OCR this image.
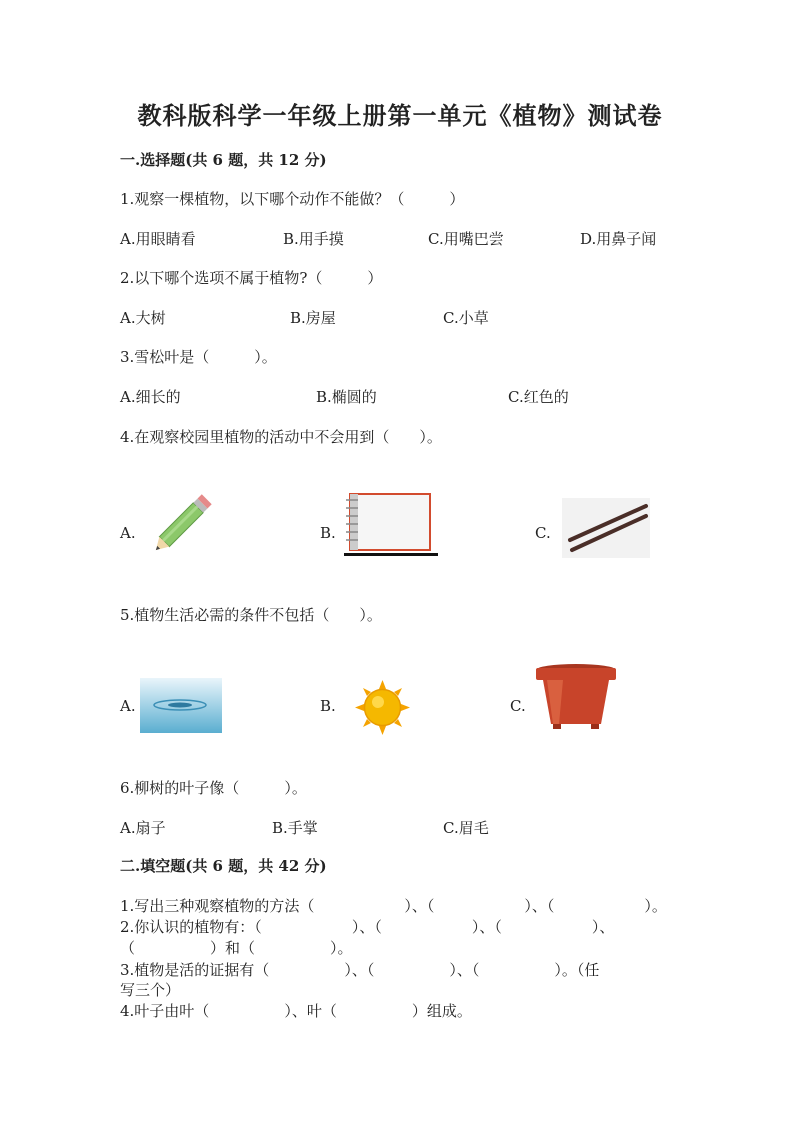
教科版科学一年级上册第一单元《植物》测试卷
一.选择题(共 6 题，共 12 分)
1.观察一棵植物，以下哪个动作不能做？（　　　）
A.用眼睛看	B.用手摸	C.用嘴巴尝	D.用鼻子闻
2.以下哪个选项不属于植物?（　　　）
A.大树	B.房屋	C.小草
3.雪松叶是（　　　）。
A.细长的	B.椭圆的	C.红色的
4.在观察校园里植物的活动中不会用到（　　）。
A.	B.	C.
5.植物生活必需的条件不包括（　　）。
A.	B.	C.
6.柳树的叶子像（　　　）。
A.扇子	B.手掌	C.眉毛
二.填空题(共 6 题，共 42 分)
1.写出三种观察植物的方法（　　　　　　）、（　　　　　　）、（　　　　　　）。
2.你认识的植物有：（　　　　　　）、（　　　　　　）、（　　　　　　）、
（　　　　　）和（　　　　　）。
3.植物是活的证据有（　　　　　）、（　　　　　）、（　　　　　）。（任
写三个）
4.叶子由叶（　　　　　）、叶（　　　　　）组成。
